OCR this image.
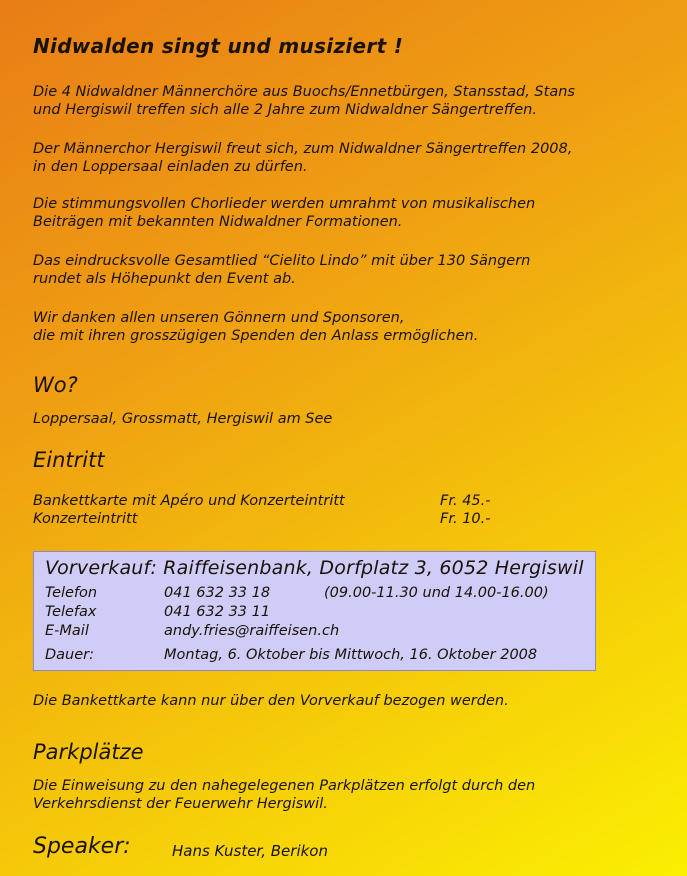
Nidwalden singt und musiziert !
Die 4 Nidwaldner Männerchöre aus Buochs/Ennetbürgen, Stansstad, Stans
und Hergiswil treffen sich alle 2 Jahre zum Nidwaldner Sängertreffen.
Der Männerchor Hergiswil freut sich, zum Nidwaldner Sängertreffen 2008,
in den Loppersaal einladen zu dürfen.
Die stimmungsvollen Chorlieder werden umrahmt von musikalischen
Beiträgen mit bekannten Nidwaldner Formationen.
Das eindrucksvolle Gesamtlied “Cielito Lindo” mit über 130 Sängern
rundet als Höhepunkt den Event ab.
Wir danken allen unseren Gönnern und Sponsoren,
die mit ihren grosszügigen Spenden den Anlass ermöglichen.
Wo?
Loppersaal, Grossmatt, Hergiswil am See
Eintritt
Bankettkarte mit Apéro und Konzerteintritt	Fr. 45.-
Konzerteintritt	Fr. 10.-
Vorverkauf: Raiffeisenbank, Dorfplatz 3, 6052 Hergiswil
Telefon	041 632 33 18	(09.00-11.30 und 14.00-16.00)
Telefax	041 632 33 11
E-Mail	andy.fries@raiffeisen.ch
Dauer:	Montag, 6. Oktober bis Mittwoch, 16. Oktober 2008
Die Bankettkarte kann nur über den Vorverkauf bezogen werden.
Parkplätze
Die Einweisung zu den nahegelegenen Parkplätzen erfolgt durch den
Verkehrsdienst der Feuerwehr Hergiswil.
Speaker:	Hans Kuster, Berikon
